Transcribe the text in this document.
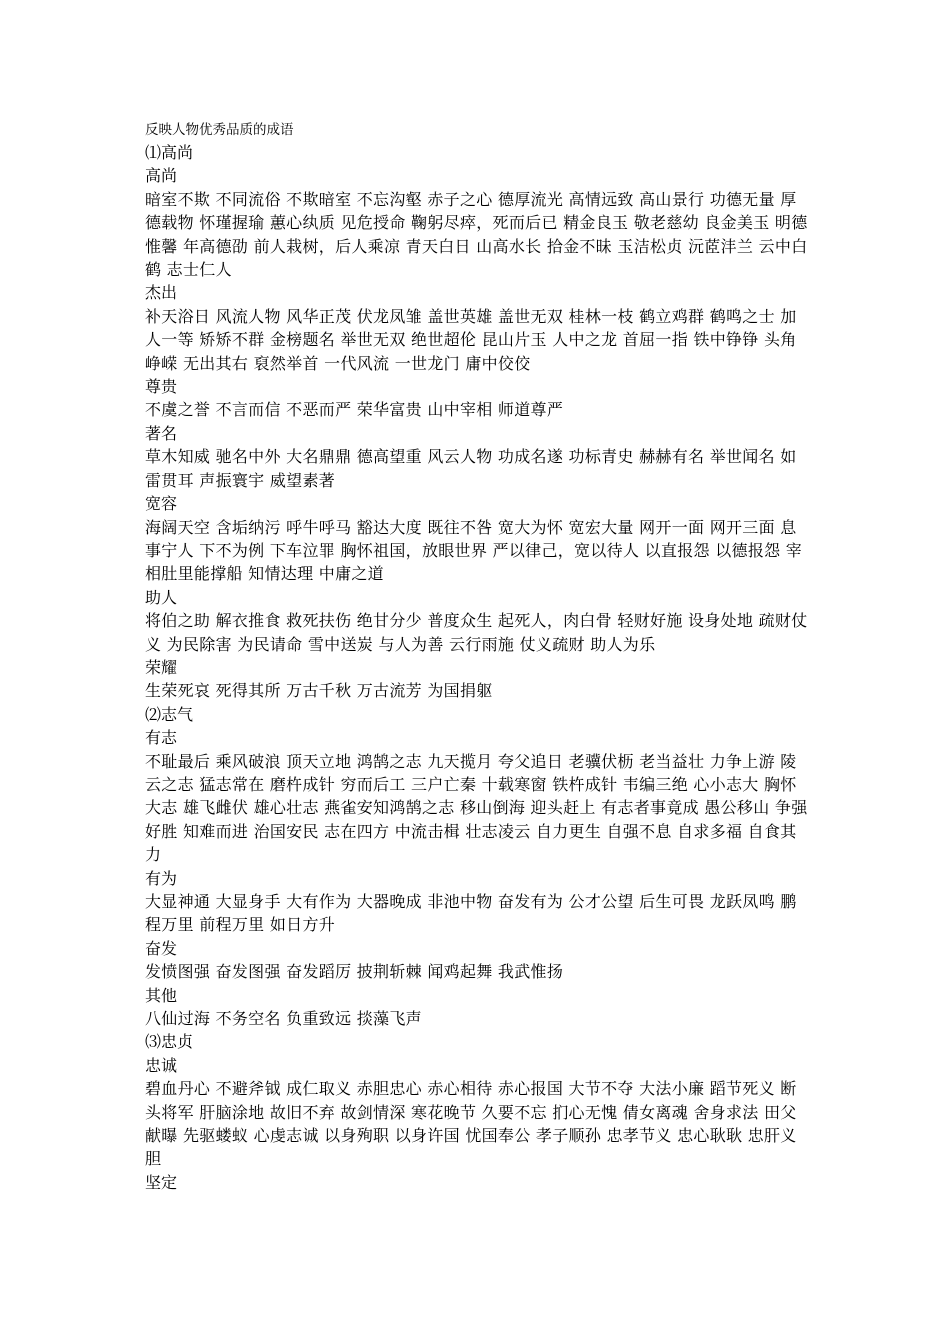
反映人物优秀品质的成语
⑴高尚
高尚
暗室不欺 不同流俗 不欺暗室 不忘沟壑 赤子之心 德厚流光 高情远致 高山景行 功德无量 厚德载物 怀瑾握瑜 蕙心纨质 见危授命 鞠躬尽瘁，死而后已 精金良玉 敬老慈幼 良金美玉 明德惟馨 年高德劭 前人栽树，后人乘凉 青天白日 山高水长 拾金不昧 玉洁松贞 沅茝沣兰 云中白鹤 志士仁人
杰出
补天浴日 风流人物 风华正茂 伏龙凤雏 盖世英雄 盖世无双 桂林一枝 鹤立鸡群 鹤鸣之士 加人一等 矫矫不群 金榜题名 举世无双 绝世超伦 昆山片玉 人中之龙 首屈一指 铁中铮铮 头角峥嵘 无出其右 裒然举首 一代风流 一世龙门 庸中佼佼
尊贵
不虞之誉 不言而信 不恶而严 荣华富贵 山中宰相 师道尊严
著名
草木知威 驰名中外 大名鼎鼎 德高望重 风云人物 功成名遂 功标青史 赫赫有名 举世闻名 如雷贯耳 声振寰宇 威望素著
宽容
海阔天空 含垢纳污 呼牛呼马 豁达大度 既往不咎 宽大为怀 宽宏大量 网开一面 网开三面 息事宁人 下不为例 下车泣罪 胸怀祖国，放眼世界 严以律己，宽以待人 以直报怨 以德报怨 宰相肚里能撑船 知情达理 中庸之道
助人
将伯之助 解衣推食 救死扶伤 绝甘分少 普度众生 起死人，肉白骨 轻财好施 设身处地 疏财仗义 为民除害 为民请命 雪中送炭 与人为善 云行雨施 仗义疏财 助人为乐
荣耀
生荣死哀 死得其所 万古千秋 万古流芳 为国捐躯
⑵志气
有志
不耻最后 乘风破浪 顶天立地 鸿鹄之志 九天揽月 夸父追日 老骥伏枥 老当益壮 力争上游 陵云之志 猛志常在 磨杵成针 穷而后工 三户亡秦 十载寒窗 铁杵成针 韦编三绝 心小志大 胸怀大志 雄飞雌伏 雄心壮志 燕雀安知鸿鹄之志 移山倒海 迎头赶上 有志者事竟成 愚公移山 争强好胜 知难而进 治国安民 志在四方 中流击楫 壮志凌云 自力更生 自强不息 自求多福 自食其力
有为
大显神通 大显身手 大有作为 大器晚成 非池中物 奋发有为 公才公望 后生可畏 龙跃凤鸣 鹏程万里 前程万里 如日方升
奋发
发愤图强 奋发图强 奋发蹈厉 披荆斩棘 闻鸡起舞 我武惟扬
其他
八仙过海 不务空名 负重致远 掞藻飞声
⑶忠贞
忠诚
碧血丹心 不避斧钺 成仁取义 赤胆忠心 赤心相待 赤心报国 大节不夺 大法小廉 蹈节死义 断头将军 肝脑涂地 故旧不弃 故剑情深 寒花晚节 久要不忘 扪心无愧 倩女离魂 舍身求法 田父献曝 先驱蝼蚁 心虔志诚 以身殉职 以身许国 忧国奉公 孝子顺孙 忠孝节义 忠心耿耿 忠肝义胆
坚定
